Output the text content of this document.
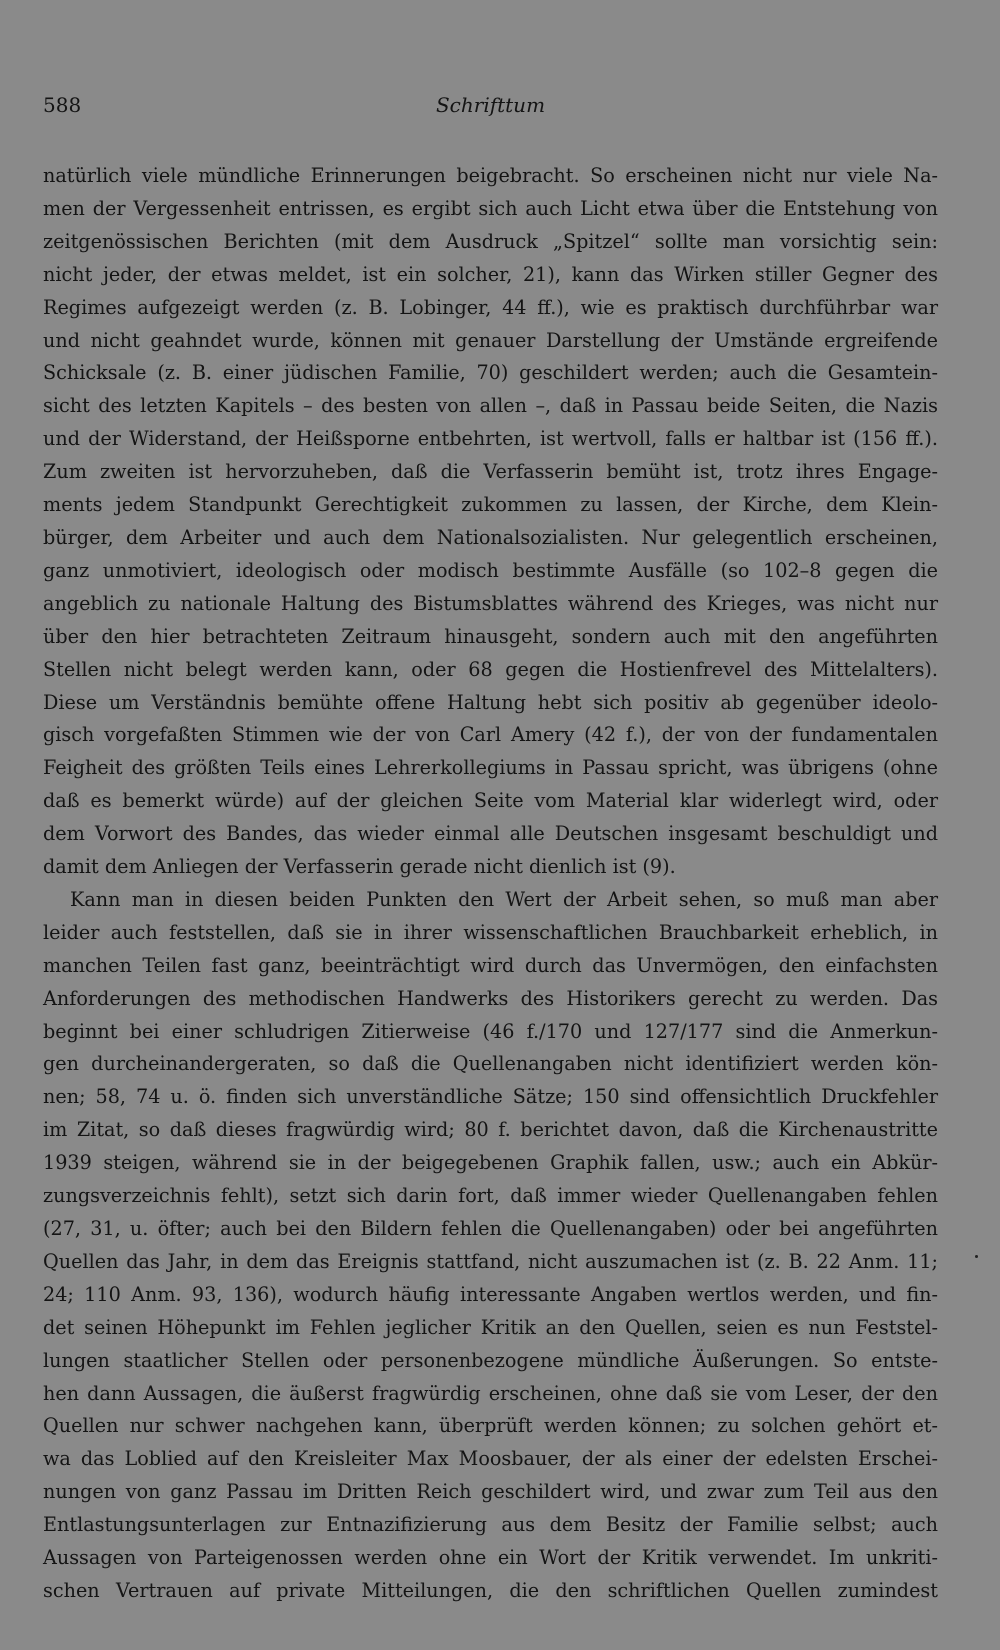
588	Schrifttum
natürlich viele mündliche Erinnerungen beigebracht. So erscheinen nicht nur viele Na-
men der Vergessenheit entrissen, es ergibt sich auch Licht etwa über die Entstehung von
zeitgenössischen Berichten (mit dem Ausdruck „Spitzel“ sollte man vorsichtig sein:
nicht jeder, der etwas meldet, ist ein solcher, 21), kann das Wirken stiller Gegner des
Regimes aufgezeigt werden (z. B. Lobinger, 44 ff.), wie es praktisch durchführbar war
und nicht geahndet wurde, können mit genauer Darstellung der Umstände ergreifende
Schicksale (z. B. einer jüdischen Familie, 70) geschildert werden; auch die Gesamtein-
sicht des letzten Kapitels – des besten von allen –, daß in Passau beide Seiten, die Nazis
und der Widerstand, der Heißsporne entbehrten, ist wertvoll, falls er haltbar ist (156 ff.).
Zum zweiten ist hervorzuheben, daß die Verfasserin bemüht ist, trotz ihres Engage-
ments jedem Standpunkt Gerechtigkeit zukommen zu lassen, der Kirche, dem Klein-
bürger, dem Arbeiter und auch dem Nationalsozialisten. Nur gelegentlich erscheinen,
ganz unmotiviert, ideologisch oder modisch bestimmte Ausfälle (so 102–8 gegen die
angeblich zu nationale Haltung des Bistumsblattes während des Krieges, was nicht nur
über den hier betrachteten Zeitraum hinausgeht, sondern auch mit den angeführten
Stellen nicht belegt werden kann, oder 68 gegen die Hostienfrevel des Mittelalters).
Diese um Verständnis bemühte offene Haltung hebt sich positiv ab gegenüber ideolo-
gisch vorgefaßten Stimmen wie der von Carl Amery (42 f.), der von der fundamentalen
Feigheit des größten Teils eines Lehrerkollegiums in Passau spricht, was übrigens (ohne
daß es bemerkt würde) auf der gleichen Seite vom Material klar widerlegt wird, oder
dem Vorwort des Bandes, das wieder einmal alle Deutschen insgesamt beschuldigt und
damit dem Anliegen der Verfasserin gerade nicht dienlich ist (9).
Kann man in diesen beiden Punkten den Wert der Arbeit sehen, so muß man aber
leider auch feststellen, daß sie in ihrer wissenschaftlichen Brauchbarkeit erheblich, in
manchen Teilen fast ganz, beeinträchtigt wird durch das Unvermögen, den einfachsten
Anforderungen des methodischen Handwerks des Historikers gerecht zu werden. Das
beginnt bei einer schludrigen Zitierweise (46 f./170 und 127/177 sind die Anmerkun-
gen durcheinandergeraten, so daß die Quellenangaben nicht identifiziert werden kön-
nen; 58, 74 u. ö. finden sich unverständliche Sätze; 150 sind offensichtlich Druckfehler
im Zitat, so daß dieses fragwürdig wird; 80 f. berichtet davon, daß die Kirchenaustritte
1939 steigen, während sie in der beigegebenen Graphik fallen, usw.; auch ein Abkür-
zungsverzeichnis fehlt), setzt sich darin fort, daß immer wieder Quellenangaben fehlen
(27, 31, u. öfter; auch bei den Bildern fehlen die Quellenangaben) oder bei angeführten
Quellen das Jahr, in dem das Ereignis stattfand, nicht auszumachen ist (z. B. 22 Anm. 11;
24; 110 Anm. 93, 136), wodurch häufig interessante Angaben wertlos werden, und fin-
det seinen Höhepunkt im Fehlen jeglicher Kritik an den Quellen, seien es nun Feststel-
lungen staatlicher Stellen oder personenbezogene mündliche Äußerungen. So entste-
hen dann Aussagen, die äußerst fragwürdig erscheinen, ohne daß sie vom Leser, der den
Quellen nur schwer nachgehen kann, überprüft werden können; zu solchen gehört et-
wa das Loblied auf den Kreisleiter Max Moosbauer, der als einer der edelsten Erschei-
nungen von ganz Passau im Dritten Reich geschildert wird, und zwar zum Teil aus den
Entlastungsunterlagen zur Entnazifizierung aus dem Besitz der Familie selbst; auch
Aussagen von Parteigenossen werden ohne ein Wort der Kritik verwendet. Im unkriti-
schen Vertrauen auf private Mitteilungen, die den schriftlichen Quellen zumindest
